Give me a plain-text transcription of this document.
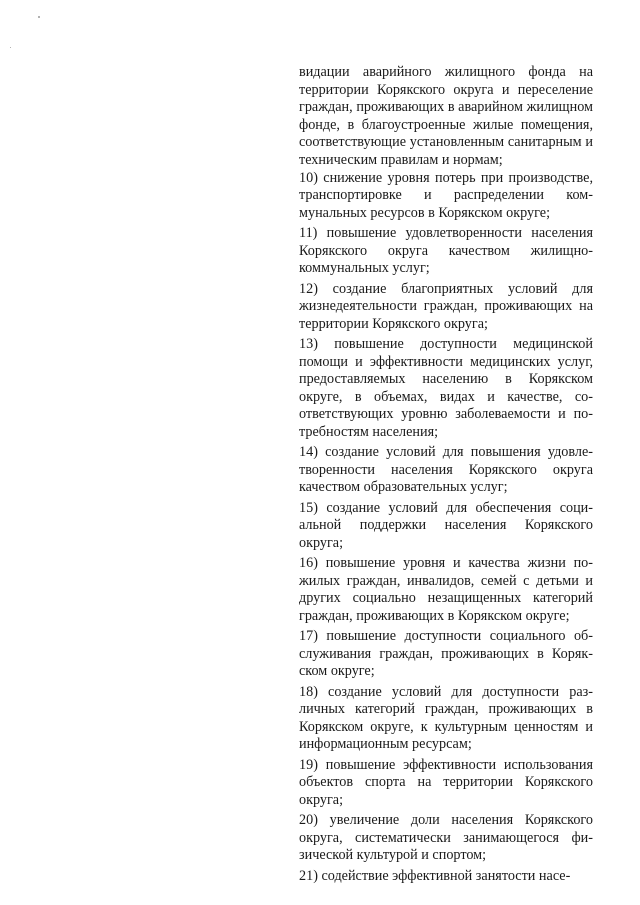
видации аварийного жилищного фонда на территории Корякского округа и переселение граждан, проживающих в аварийном жилищном фонде, в благоустроенные жилые помещения, соответствующие установленным санитарным и техническим правилам и нормам;
10) снижение уровня потерь при производстве, транспортировке и распределении коммунальных ресурсов в Корякском округе;

11) повышение удовлетворенности населения Корякского округа качеством жилищно-коммунальных услуг;

12) создание благоприятных условий для жизнедеятельности граждан, проживающих на территории Корякского округа;

13) повышение доступности медицинской помощи и эффективности медицинских услуг, предоставляемых населению в Корякском округе, в объемах, видах и качестве, соответствующих уровню заболеваемости и потребностям населения;

14) создание условий для повышения удовлетворенности населения Корякского округа качеством образовательных услуг;

15) создание условий для обеспечения социальной поддержки населения Корякского округа;

16) повышение уровня и качества жизни пожилых граждан, инвалидов, семей с детьми и других социально незащищенных категорий граждан, проживающих в Корякском округе;

17) повышение доступности социального обслуживания граждан, проживающих в Корякском округе;

18) создание условий для доступности различных категорий граждан, проживающих в Корякском округе, к культурным ценностям и информационным ресурсам;

19) повышение эффективности использования объектов спорта на территории Корякского округа;

20) увеличение доли населения Корякского округа, систематически занимающегося физической культурой и спортом;

21) содействие эффективной занятости насе-
